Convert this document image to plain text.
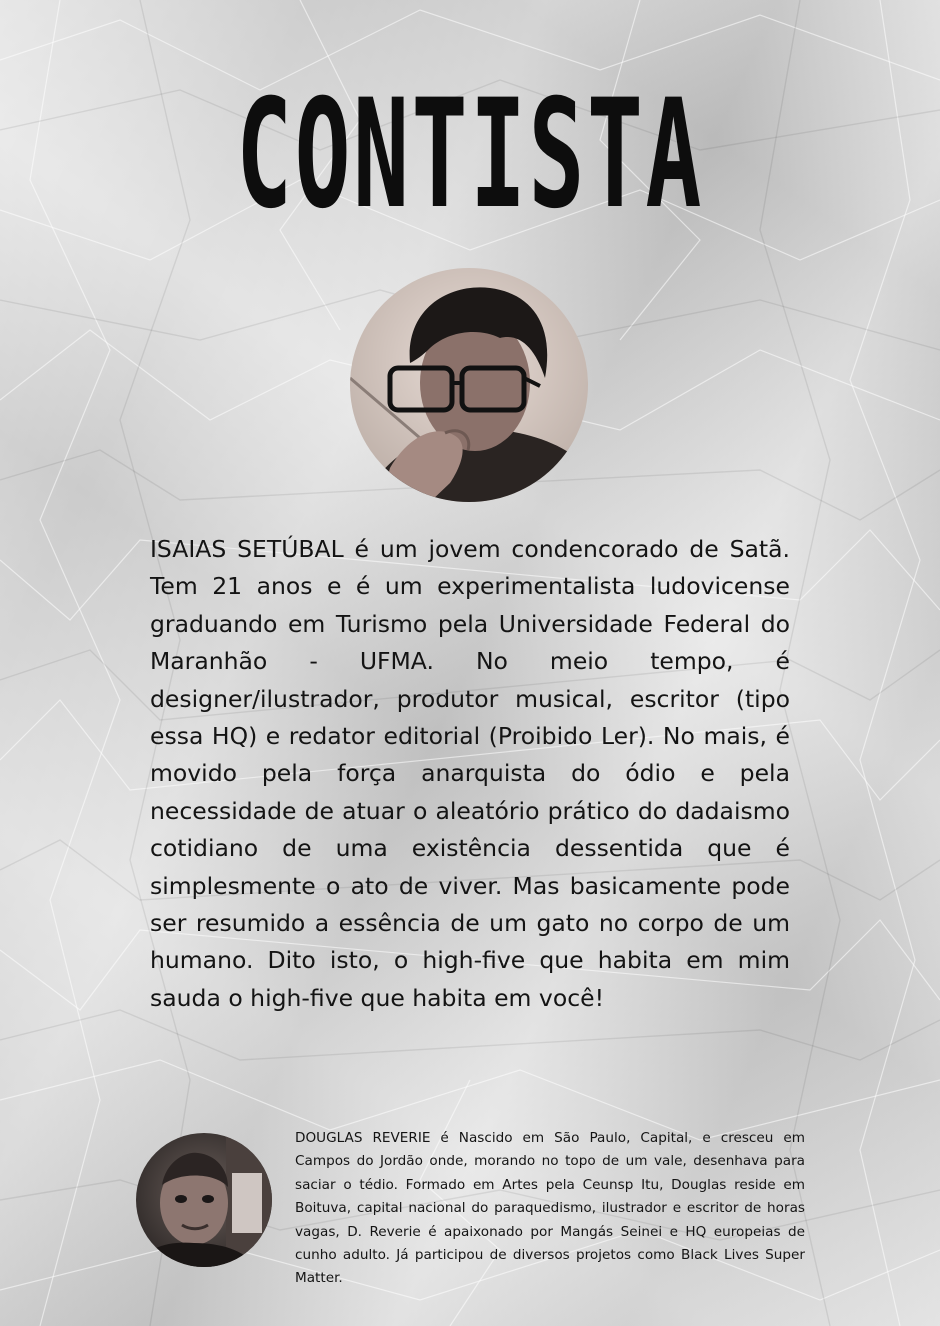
CONTISTA

ISAIAS SETÚBAL é um jovem condencorado de Satã. Tem 21 anos e é um experimentalista ludovicense graduando em Turismo pela Universidade Federal do Maranhão - UFMA. No meio tempo, é designer/ilustrador, produtor musical, escritor (tipo essa HQ) e redator editorial (Proibido Ler). No mais, é movido pela força anarquista do ódio e pela necessidade de atuar o aleatório prático do dadaismo cotidiano de uma existência dessentida que é simplesmente o ato de viver. Mas basicamente pode ser resumido a essência de um gato no corpo de um humano. Dito isto, o high-five que habita em mim sauda o high-five que habita em você!

DOUGLAS REVERIE é Nascido em São Paulo, Capital, e cresceu em Campos do Jordão onde, morando no topo de um vale, desenhava para saciar o tédio. Formado em Artes pela Ceunsp Itu, Douglas reside em Boituva, capital nacional do paraquedismo, ilustrador e escritor de horas vagas, D. Reverie é apaixonado por Mangás Seinei e HQ europeias de cunho adulto. Já participou de diversos projetos como Black Lives Super Matter.
